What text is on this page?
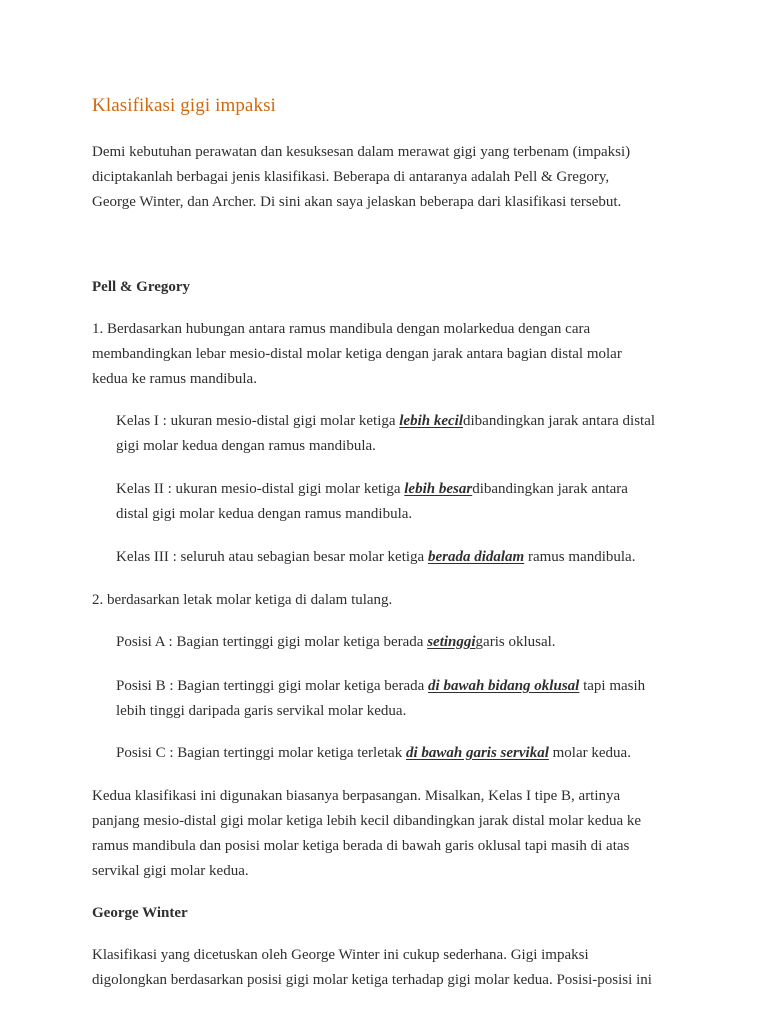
Klasifikasi gigi impaksi

Demi kebutuhan perawatan dan kesuksesan dalam merawat gigi yang terbenam (impaksi)
diciptakanlah berbagai jenis klasifikasi. Beberapa di antaranya adalah Pell & Gregory,
George Winter, dan Archer. Di sini akan saya jelaskan beberapa dari klasifikasi tersebut.

Pell & Gregory

1. Berdasarkan hubungan antara ramus mandibula dengan molarkedua dengan cara
membandingkan lebar mesio-distal molar ketiga dengan jarak antara bagian distal molar
kedua ke ramus mandibula.

Kelas I : ukuran mesio-distal gigi molar ketiga lebih kecildibandingkan jarak antara distal
gigi molar kedua dengan ramus mandibula.

Kelas II : ukuran mesio-distal gigi molar ketiga lebih besardibandingkan jarak antara
distal gigi molar kedua dengan ramus mandibula.

Kelas III : seluruh atau sebagian besar molar ketiga berada didalam ramus mandibula.

2. berdasarkan letak molar ketiga di dalam tulang.

Posisi A : Bagian tertinggi gigi molar ketiga berada setinggigaris oklusal.

Posisi B : Bagian tertinggi gigi molar ketiga berada di bawah bidang oklusal tapi masih
lebih tinggi daripada garis servikal molar kedua.

Posisi C : Bagian tertinggi molar ketiga terletak di bawah garis servikal molar kedua.

Kedua klasifikasi ini digunakan biasanya berpasangan. Misalkan, Kelas I tipe B, artinya
panjang mesio-distal gigi molar ketiga lebih kecil dibandingkan jarak distal molar kedua ke
ramus mandibula dan posisi molar ketiga berada di bawah garis oklusal tapi masih di atas
servikal gigi molar kedua.

George Winter

Klasifikasi yang dicetuskan oleh George Winter ini cukup sederhana. Gigi impaksi
digolongkan berdasarkan posisi gigi molar ketiga terhadap gigi molar kedua. Posisi-posisi ini
